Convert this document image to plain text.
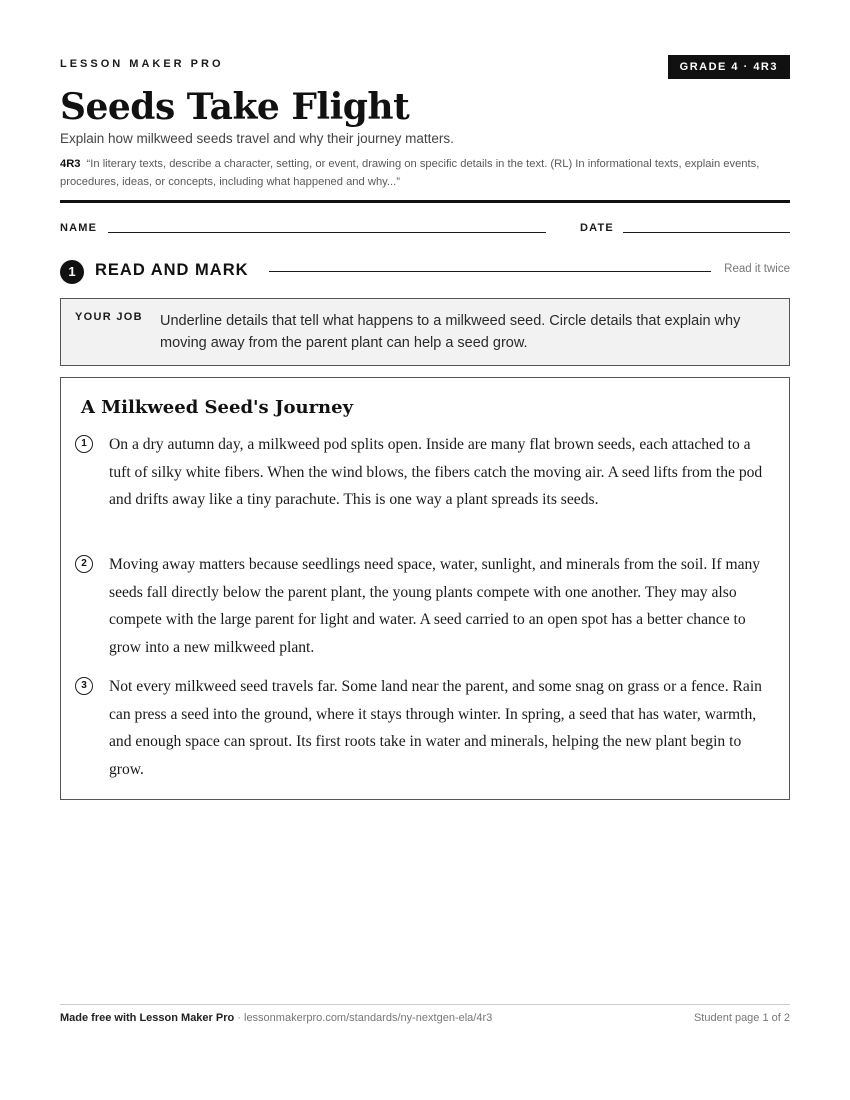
LESSON MAKER PRO	GRADE 4 · 4R3
Seeds Take Flight
Explain how milkweed seeds travel and why their journey matters.
4R3 “In literary texts, describe a character, setting, or event, drawing on specific details in the text. (RL) In informational texts, explain events, procedures, ideas, or concepts, including what happened and why...”
NAME	DATE
1	READ AND MARK	Read it twice
YOUR JOB Underline details that tell what happens to a milkweed seed. Circle details that explain why moving away from the parent plant can help a seed grow.
A Milkweed Seed's Journey
1	On a dry autumn day, a milkweed pod splits open. Inside are many flat brown seeds, each attached to a tuft of silky white fibers. When the wind blows, the fibers catch the moving air. A seed lifts from the pod and drifts away like a tiny parachute. This is one way a plant spreads its seeds.

2	Moving away matters because seedlings need space, water, sunlight, and minerals from the soil. If many seeds fall directly below the parent plant, the young plants compete with one another. They may also compete with the large parent for light and water. A seed carried to an open spot has a better chance to grow into a new milkweed plant.

3	Not every milkweed seed travels far. Some land near the parent, and some snag on grass or a fence. Rain can press a seed into the ground, where it stays through winter. In spring, a seed that has water, warmth, and enough space can sprout. Its first roots take in water and minerals, helping the new plant begin to grow.

Made free with Lesson Maker Pro · lessonmakerpro.com/standards/ny-nextgen-ela/4r3	Student page 1 of 2
